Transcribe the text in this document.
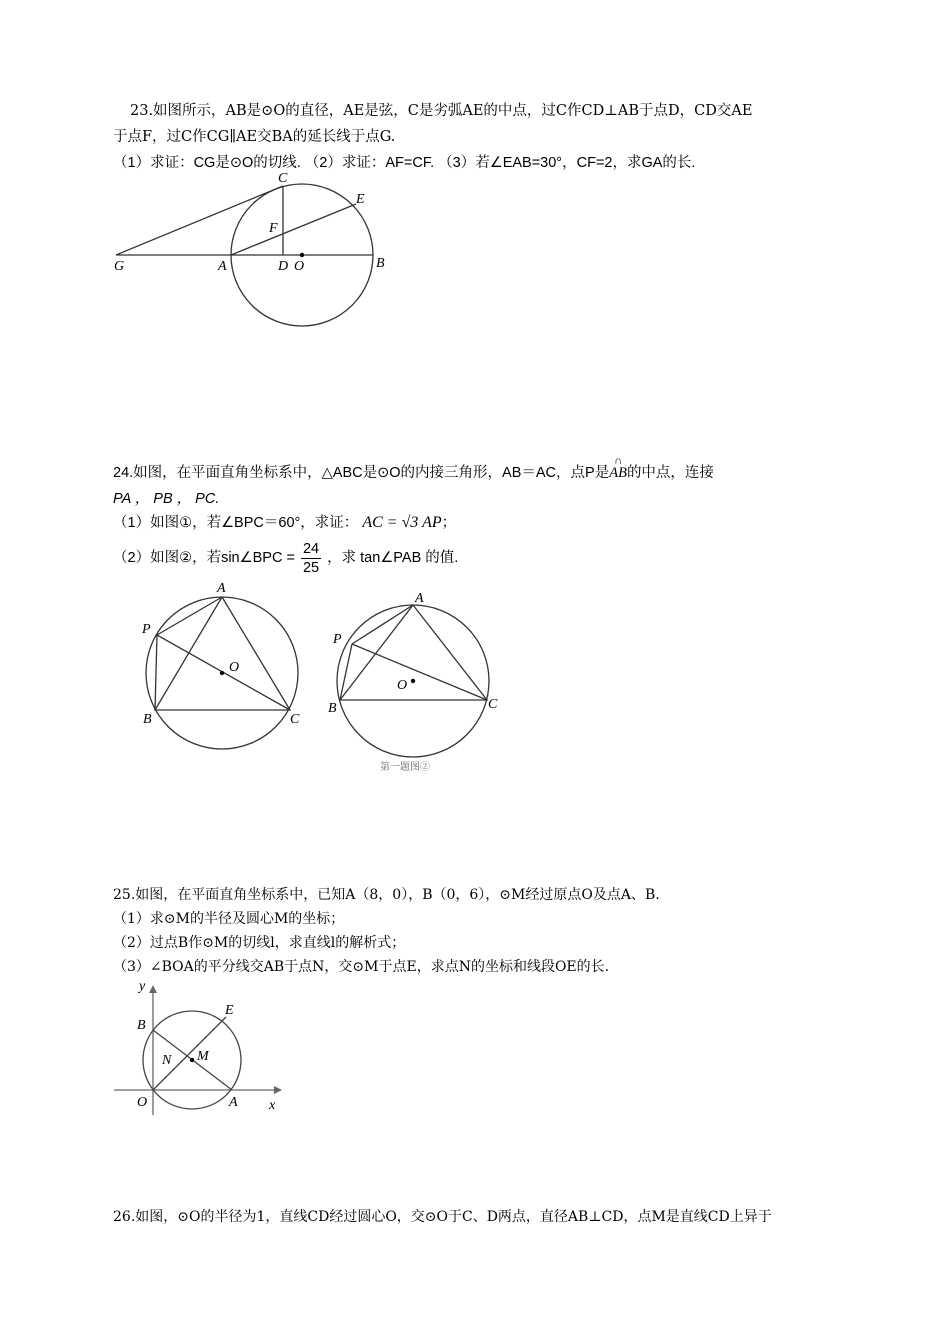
23.如图所示，AB是⊙O的直径，AE是弦，C是劣弧AE的中点，过C作CD⊥AB于点D，CD交AE
于点F，过C作CG∥AE交BA的延长线于点G.
（1）求证：CG是⊙O的切线. （2）求证：AF=CF. （3）若∠EAB=30°，CF=2，求GA的长.
C
E
F
G	A	D O	B
24.如图，在平面直角坐标系中，△ABC是⊙O的内接三角形，AB＝AC，点P是
∩
AB的中点，连接
PA ， PB ， PC.
（1）如图①，若∠BPC＝60°，求证： AC = √3 AP；
（2）如图②，若sin∠BPC = $\frac{24}{25}$ ，求 tan∠PAB 的值.
A
P
O
B	C
A
P
O
B	C
第一题图②
25.如图，在平面直角坐标系中，已知A（8，0），B（0，6），⊙M经过原点O及点A、B.
（1）求⊙M的半径及圆心M的坐标；
（2）过点B作⊙M的切线l，求直线l的解析式；
（3）∠BOA的平分线交AB于点N，交⊙M于点E，求点N的坐标和线段OE的长.
y
B
E
N M
O	A x
26.如图，⊙O的半径为1，直线CD经过圆心O，交⊙O于C、D两点，直径AB⊥CD，点M是直线CD上异于
